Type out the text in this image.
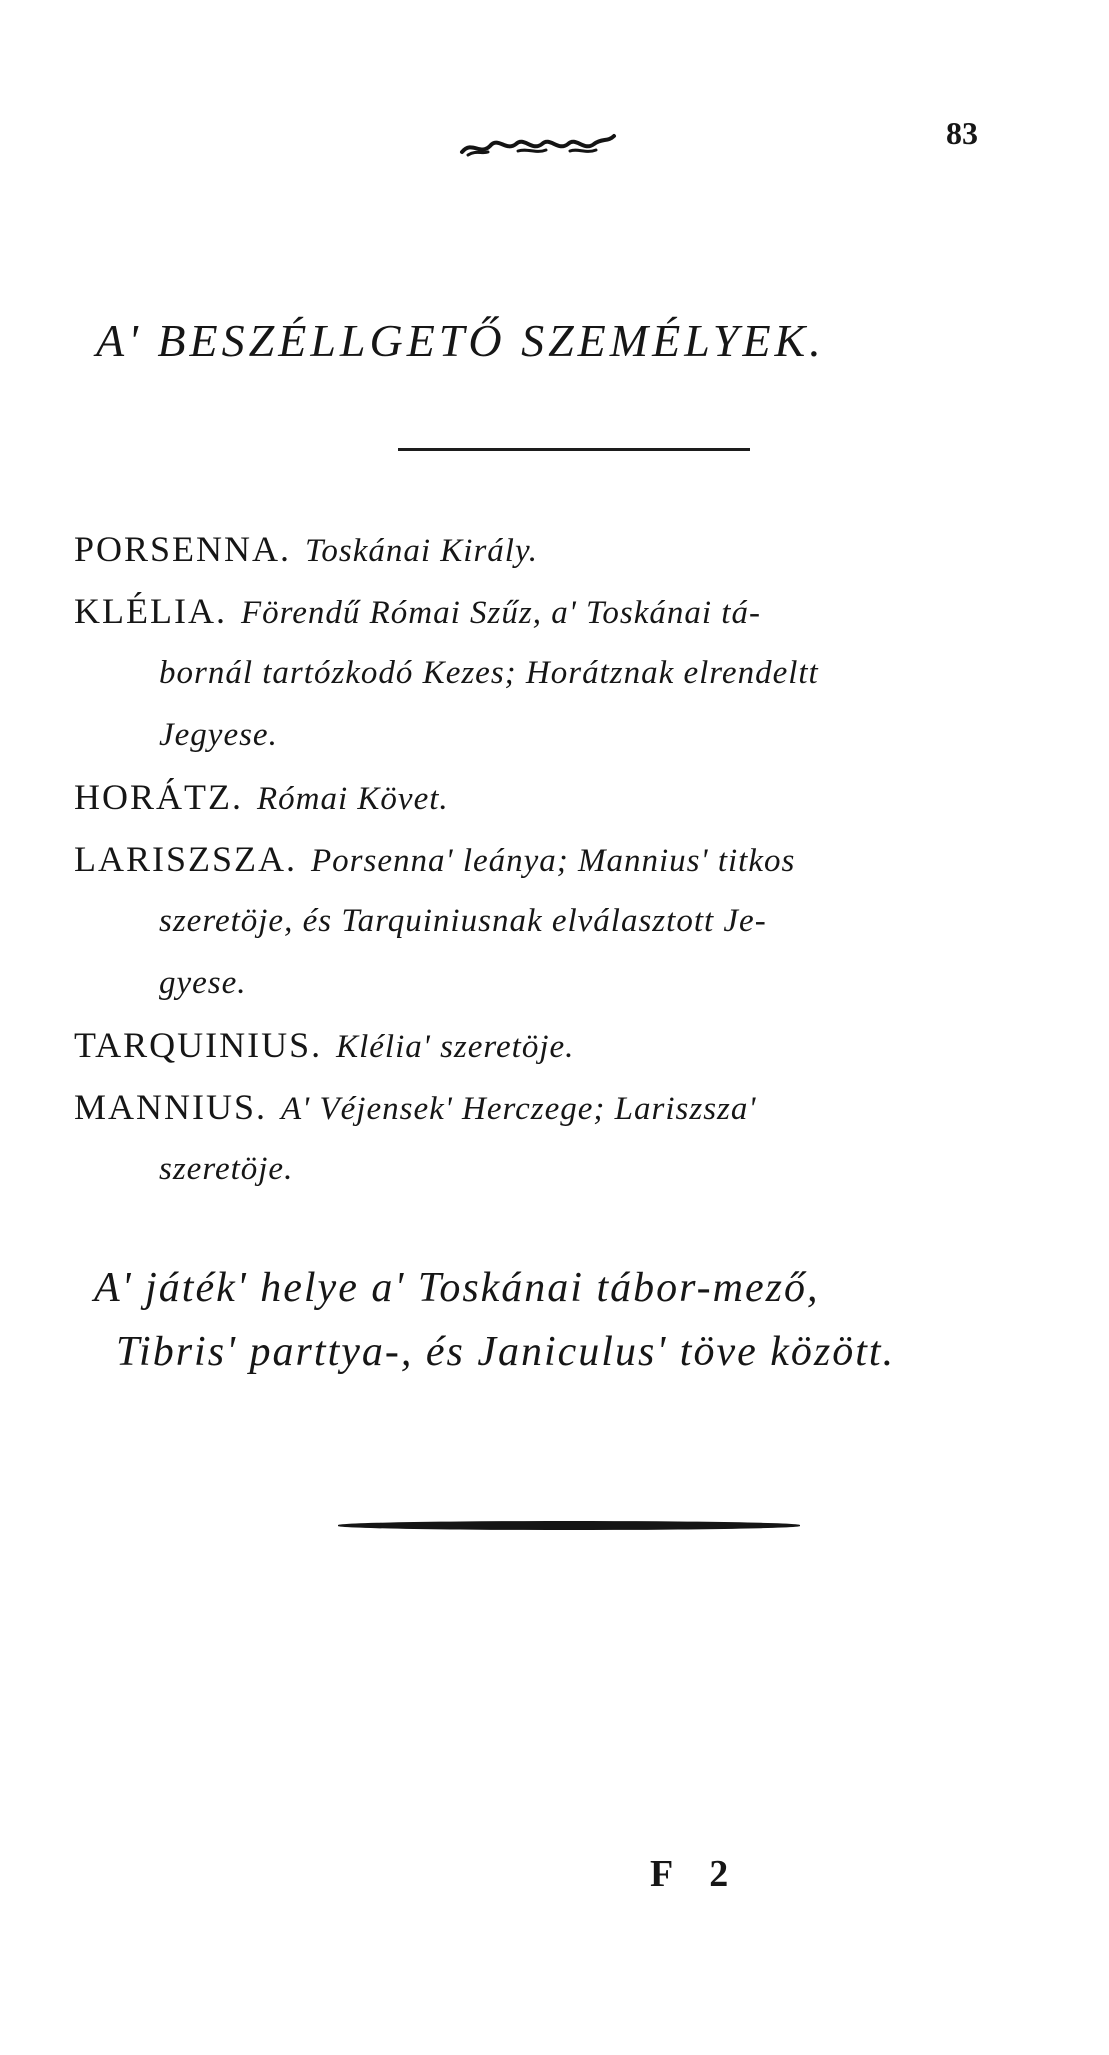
83
A' BESZÉLLGETŐ SZEMÉLYEK.
PORSENNA. Toskánai Király.
KLÉLIA. Förendű Római Szűz, a' Toskánai tá-
bornál tartózkodó Kezes; Horátznak elrendeltt
Jegyese.
HORÁTZ. Római Követ.
LARISZSZA. Porsenna' leánya; Mannius' titkos
szeretöje, és Tarquiniusnak elválasztott Je-
gyese.
TARQUINIUS. Klélia' szeretöje.
MANNIUS. A' Véjensek' Herczege; Lariszsza'
szeretöje.
A' játék' helye a' Toskánai tábor-mező,
Tibris' parttya-, és Janiculus' töve között.
F 2
